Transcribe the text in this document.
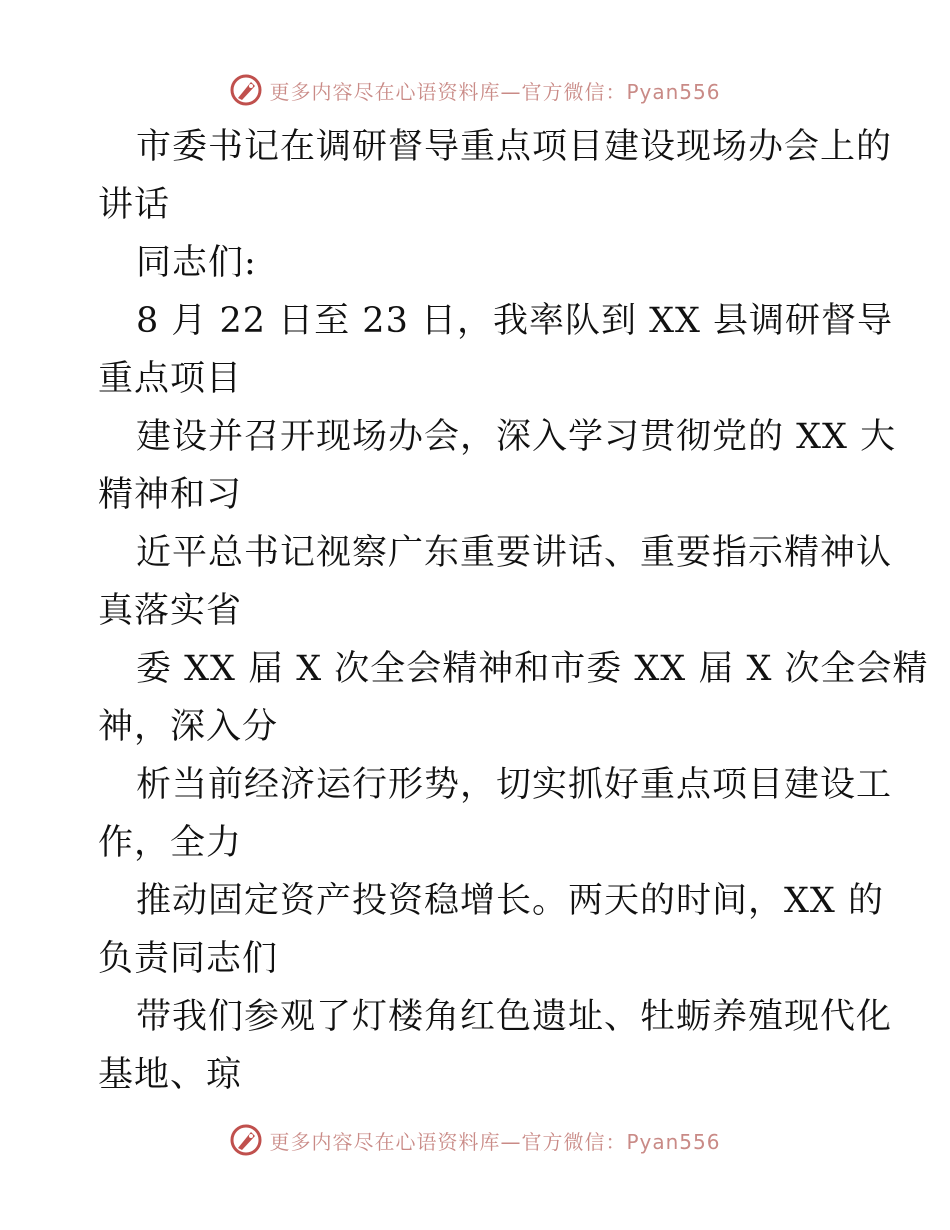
更多内容尽在心语资料库—官方微信：Pyan556
市委书记在调研督导重点项目建设现场办会上的
讲话
同志们:
8 月 22 日至 23 日，我率队到 XX 县调研督导
重点项目
建设并召开现场办会，深入学习贯彻党的 XX 大
精神和习
近平总书记视察广东重要讲话、重要指示精神认
真落实省
委 XX 届 X 次全会精神和市委 XX 届 X 次全会精
神，深入分
析当前经济运行形势，切实抓好重点项目建设工
作，全力
推动固定资产投资稳增长。两天的时间，XX 的
负责同志们
带我们参观了灯楼角红色遗址、牡蛎养殖现代化
基地、琼
更多内容尽在心语资料库—官方微信：Pyan556
